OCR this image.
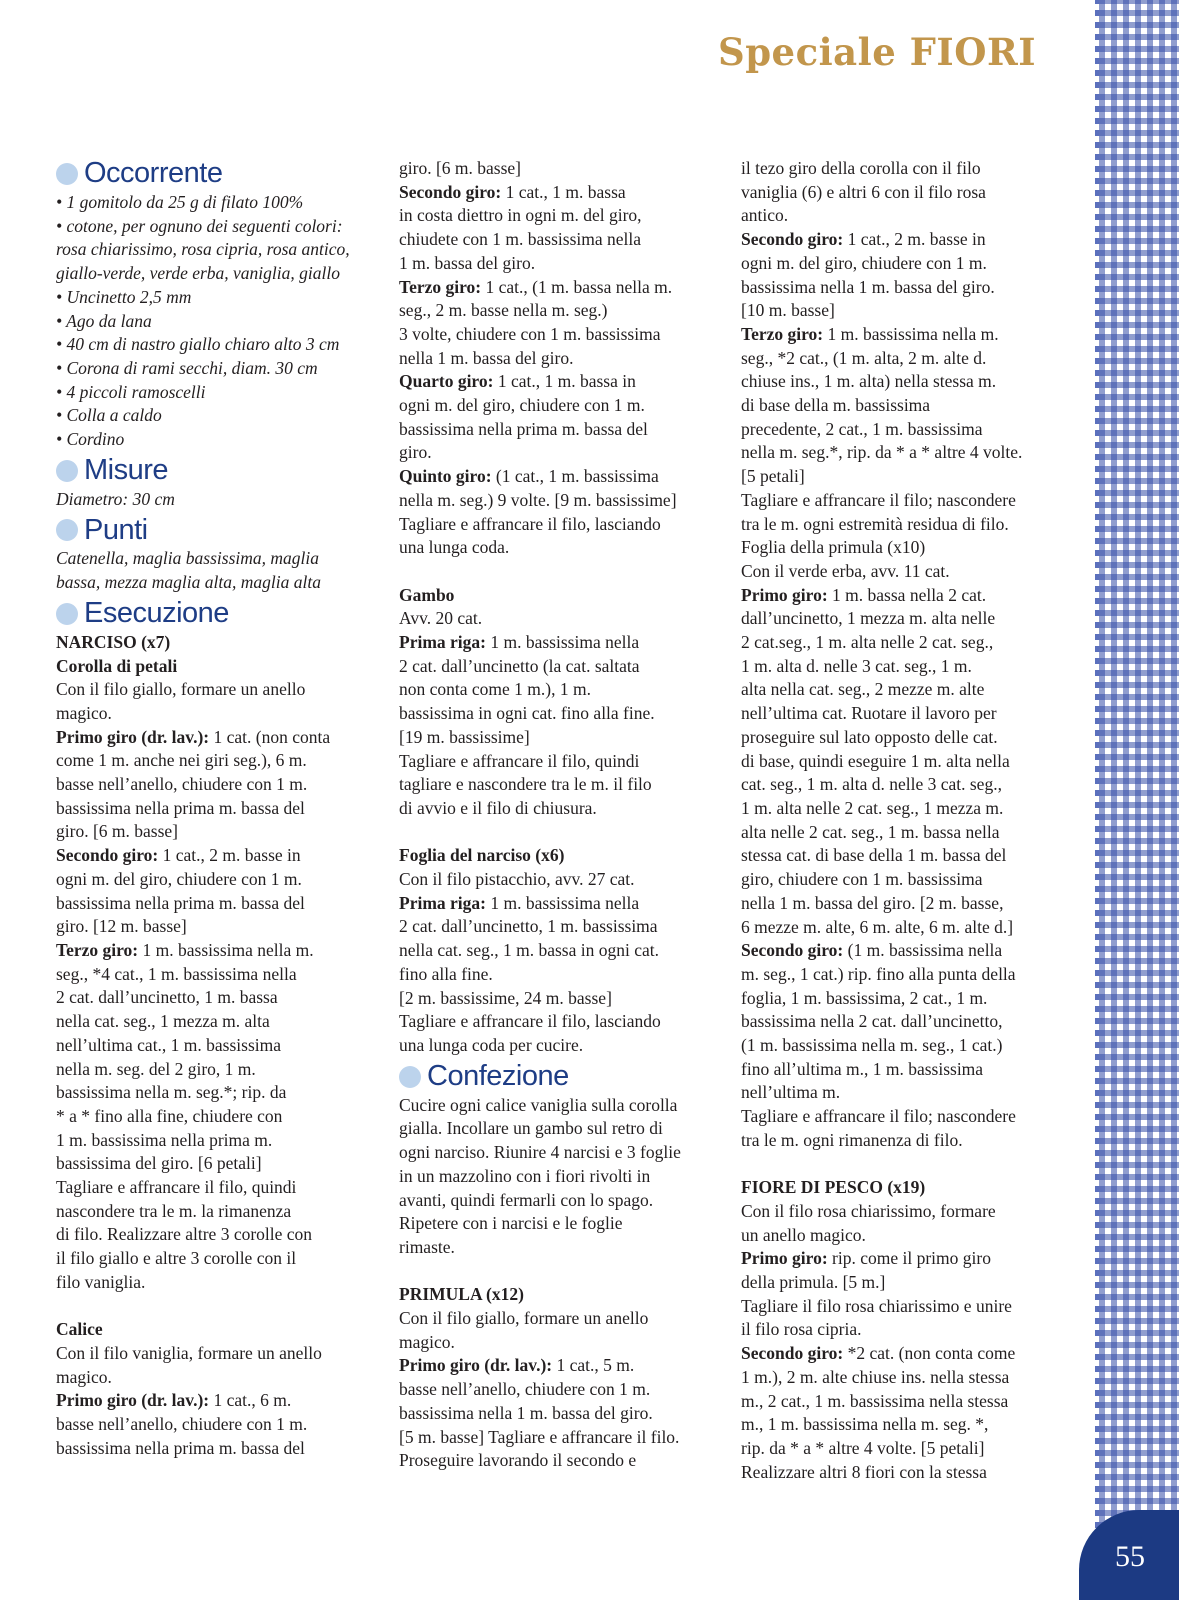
Speciale FIORI
Occorrente
• 1 gomitolo da 25 g di filato 100%
• cotone, per ognuno dei seguenti colori:
rosa chiarissimo, rosa cipria, rosa antico,
giallo-verde, verde erba, vaniglia, giallo
• Uncinetto 2,5 mm
• Ago da lana
• 40 cm di nastro giallo chiaro alto 3 cm
• Corona di rami secchi, diam. 30 cm
• 4 piccoli ramoscelli
• Colla a caldo
• Cordino
Misure
Diametro: 30 cm
Punti
Catenella, maglia bassissima, maglia
bassa, mezza maglia alta, maglia alta
Esecuzione
NARCISO (x7)
Corolla di petali
Con il filo giallo, formare un anello
magico.
Primo giro (dr. lav.): 1 cat. (non conta
come 1 m. anche nei giri seg.), 6 m.
basse nell’anello, chiudere con 1 m.
bassissima nella prima m. bassa del
giro. [6 m. basse]
Secondo giro: 1 cat., 2 m. basse in
ogni m. del giro, chiudere con 1 m.
bassissima nella prima m. bassa del
giro. [12 m. basse]
Terzo giro: 1 m. bassissima nella m.
seg., *4 cat., 1 m. bassissima nella
2 cat. dall’uncinetto, 1 m. bassa
nella cat. seg., 1 mezza m. alta
nell’ultima cat., 1 m. bassissima
nella m. seg. del 2 giro, 1 m.
bassissima nella m. seg.*; rip. da
* a * fino alla fine, chiudere con
1 m. bassissima nella prima m.
bassissima del giro. [6 petali]
Tagliare e affrancare il filo, quindi
nascondere tra le m. la rimanenza
di filo. Realizzare altre 3 corolle con
il filo giallo e altre 3 corolle con il
filo vaniglia.
Calice
Con il filo vaniglia, formare un anello
magico.
Primo giro (dr. lav.): 1 cat., 6 m.
basse nell’anello, chiudere con 1 m.
bassissima nella prima m. bassa del
giro. [6 m. basse]
Secondo giro: 1 cat., 1 m. bassa
in costa diettro in ogni m. del giro,
chiudete con 1 m. bassissima nella
1 m. bassa del giro.
Terzo giro: 1 cat., (1 m. bassa nella m.
seg., 2 m. basse nella m. seg.)
3 volte, chiudere con 1 m. bassissima
nella 1 m. bassa del giro.
Quarto giro: 1 cat., 1 m. bassa in
ogni m. del giro, chiudere con 1 m.
bassissima nella prima m. bassa del
giro.
Quinto giro: (1 cat., 1 m. bassissima
nella m. seg.) 9 volte. [9 m. bassissime]
Tagliare e affrancare il filo, lasciando
una lunga coda.
Gambo
Avv. 20 cat.
Prima riga: 1 m. bassissima nella
2 cat. dall’uncinetto (la cat. saltata
non conta come 1 m.), 1 m.
bassissima in ogni cat. fino alla fine.
[19 m. bassissime]
Tagliare e affrancare il filo, quindi
tagliare e nascondere tra le m. il filo
di avvio e il filo di chiusura.
Foglia del narciso (x6)
Con il filo pistacchio, avv. 27 cat.
Prima riga: 1 m. bassissima nella
2 cat. dall’uncinetto, 1 m. bassissima
nella cat. seg., 1 m. bassa in ogni cat.
fino alla fine.
[2 m. bassissime, 24 m. basse]
Tagliare e affrancare il filo, lasciando
una lunga coda per cucire.
Confezione
Cucire ogni calice vaniglia sulla corolla
gialla. Incollare un gambo sul retro di
ogni narciso. Riunire 4 narcisi e 3 foglie
in un mazzolino con i fiori rivolti in
avanti, quindi fermarli con lo spago.
Ripetere con i narcisi e le foglie
rimaste.
PRIMULA (x12)
Con il filo giallo, formare un anello
magico.
Primo giro (dr. lav.): 1 cat., 5 m.
basse nell’anello, chiudere con 1 m.
bassissima nella 1 m. bassa del giro.
[5 m. basse] Tagliare e affrancare il filo.
Proseguire lavorando il secondo e
il tezo giro della corolla con il filo
vaniglia (6) e altri 6 con il filo rosa
antico.
Secondo giro: 1 cat., 2 m. basse in
ogni m. del giro, chiudere con 1 m.
bassissima nella 1 m. bassa del giro.
[10 m. basse]
Terzo giro: 1 m. bassissima nella m.
seg., *2 cat., (1 m. alta, 2 m. alte d.
chiuse ins., 1 m. alta) nella stessa m.
di base della m. bassissima
precedente, 2 cat., 1 m. bassissima
nella m. seg.*, rip. da * a * altre 4 volte.
[5 petali]
Tagliare e affrancare il filo; nascondere
tra le m. ogni estremità residua di filo.
Foglia della primula (x10)
Con il verde erba, avv. 11 cat.
Primo giro: 1 m. bassa nella 2 cat.
dall’uncinetto, 1 mezza m. alta nelle
2 cat.seg., 1 m. alta nelle 2 cat. seg.,
1 m. alta d. nelle 3 cat. seg., 1 m.
alta nella cat. seg., 2 mezze m. alte
nell’ultima cat. Ruotare il lavoro per
proseguire sul lato opposto delle cat.
di base, quindi eseguire 1 m. alta nella
cat. seg., 1 m. alta d. nelle 3 cat. seg.,
1 m. alta nelle 2 cat. seg., 1 mezza m.
alta nelle 2 cat. seg., 1 m. bassa nella
stessa cat. di base della 1 m. bassa del
giro, chiudere con 1 m. bassissima
nella 1 m. bassa del giro. [2 m. basse,
6 mezze m. alte, 6 m. alte, 6 m. alte d.]
Secondo giro: (1 m. bassissima nella
m. seg., 1 cat.) rip. fino alla punta della
foglia, 1 m. bassissima, 2 cat., 1 m.
bassissima nella 2 cat. dall’uncinetto,
(1 m. bassissima nella m. seg., 1 cat.)
fino all’ultima m., 1 m. bassissima
nell’ultima m.
Tagliare e affrancare il filo; nascondere
tra le m. ogni rimanenza di filo.
FIORE DI PESCO (x19)
Con il filo rosa chiarissimo, formare
un anello magico.
Primo giro: rip. come il primo giro
della primula. [5 m.]
Tagliare il filo rosa chiarissimo e unire
il filo rosa cipria.
Secondo giro: *2 cat. (non conta come
1 m.), 2 m. alte chiuse ins. nella stessa
m., 2 cat., 1 m. bassissima nella stessa
m., 1 m. bassissima nella m. seg. *,
rip. da * a * altre 4 volte. [5 petali]
Realizzare altri 8 fiori con la stessa
55
